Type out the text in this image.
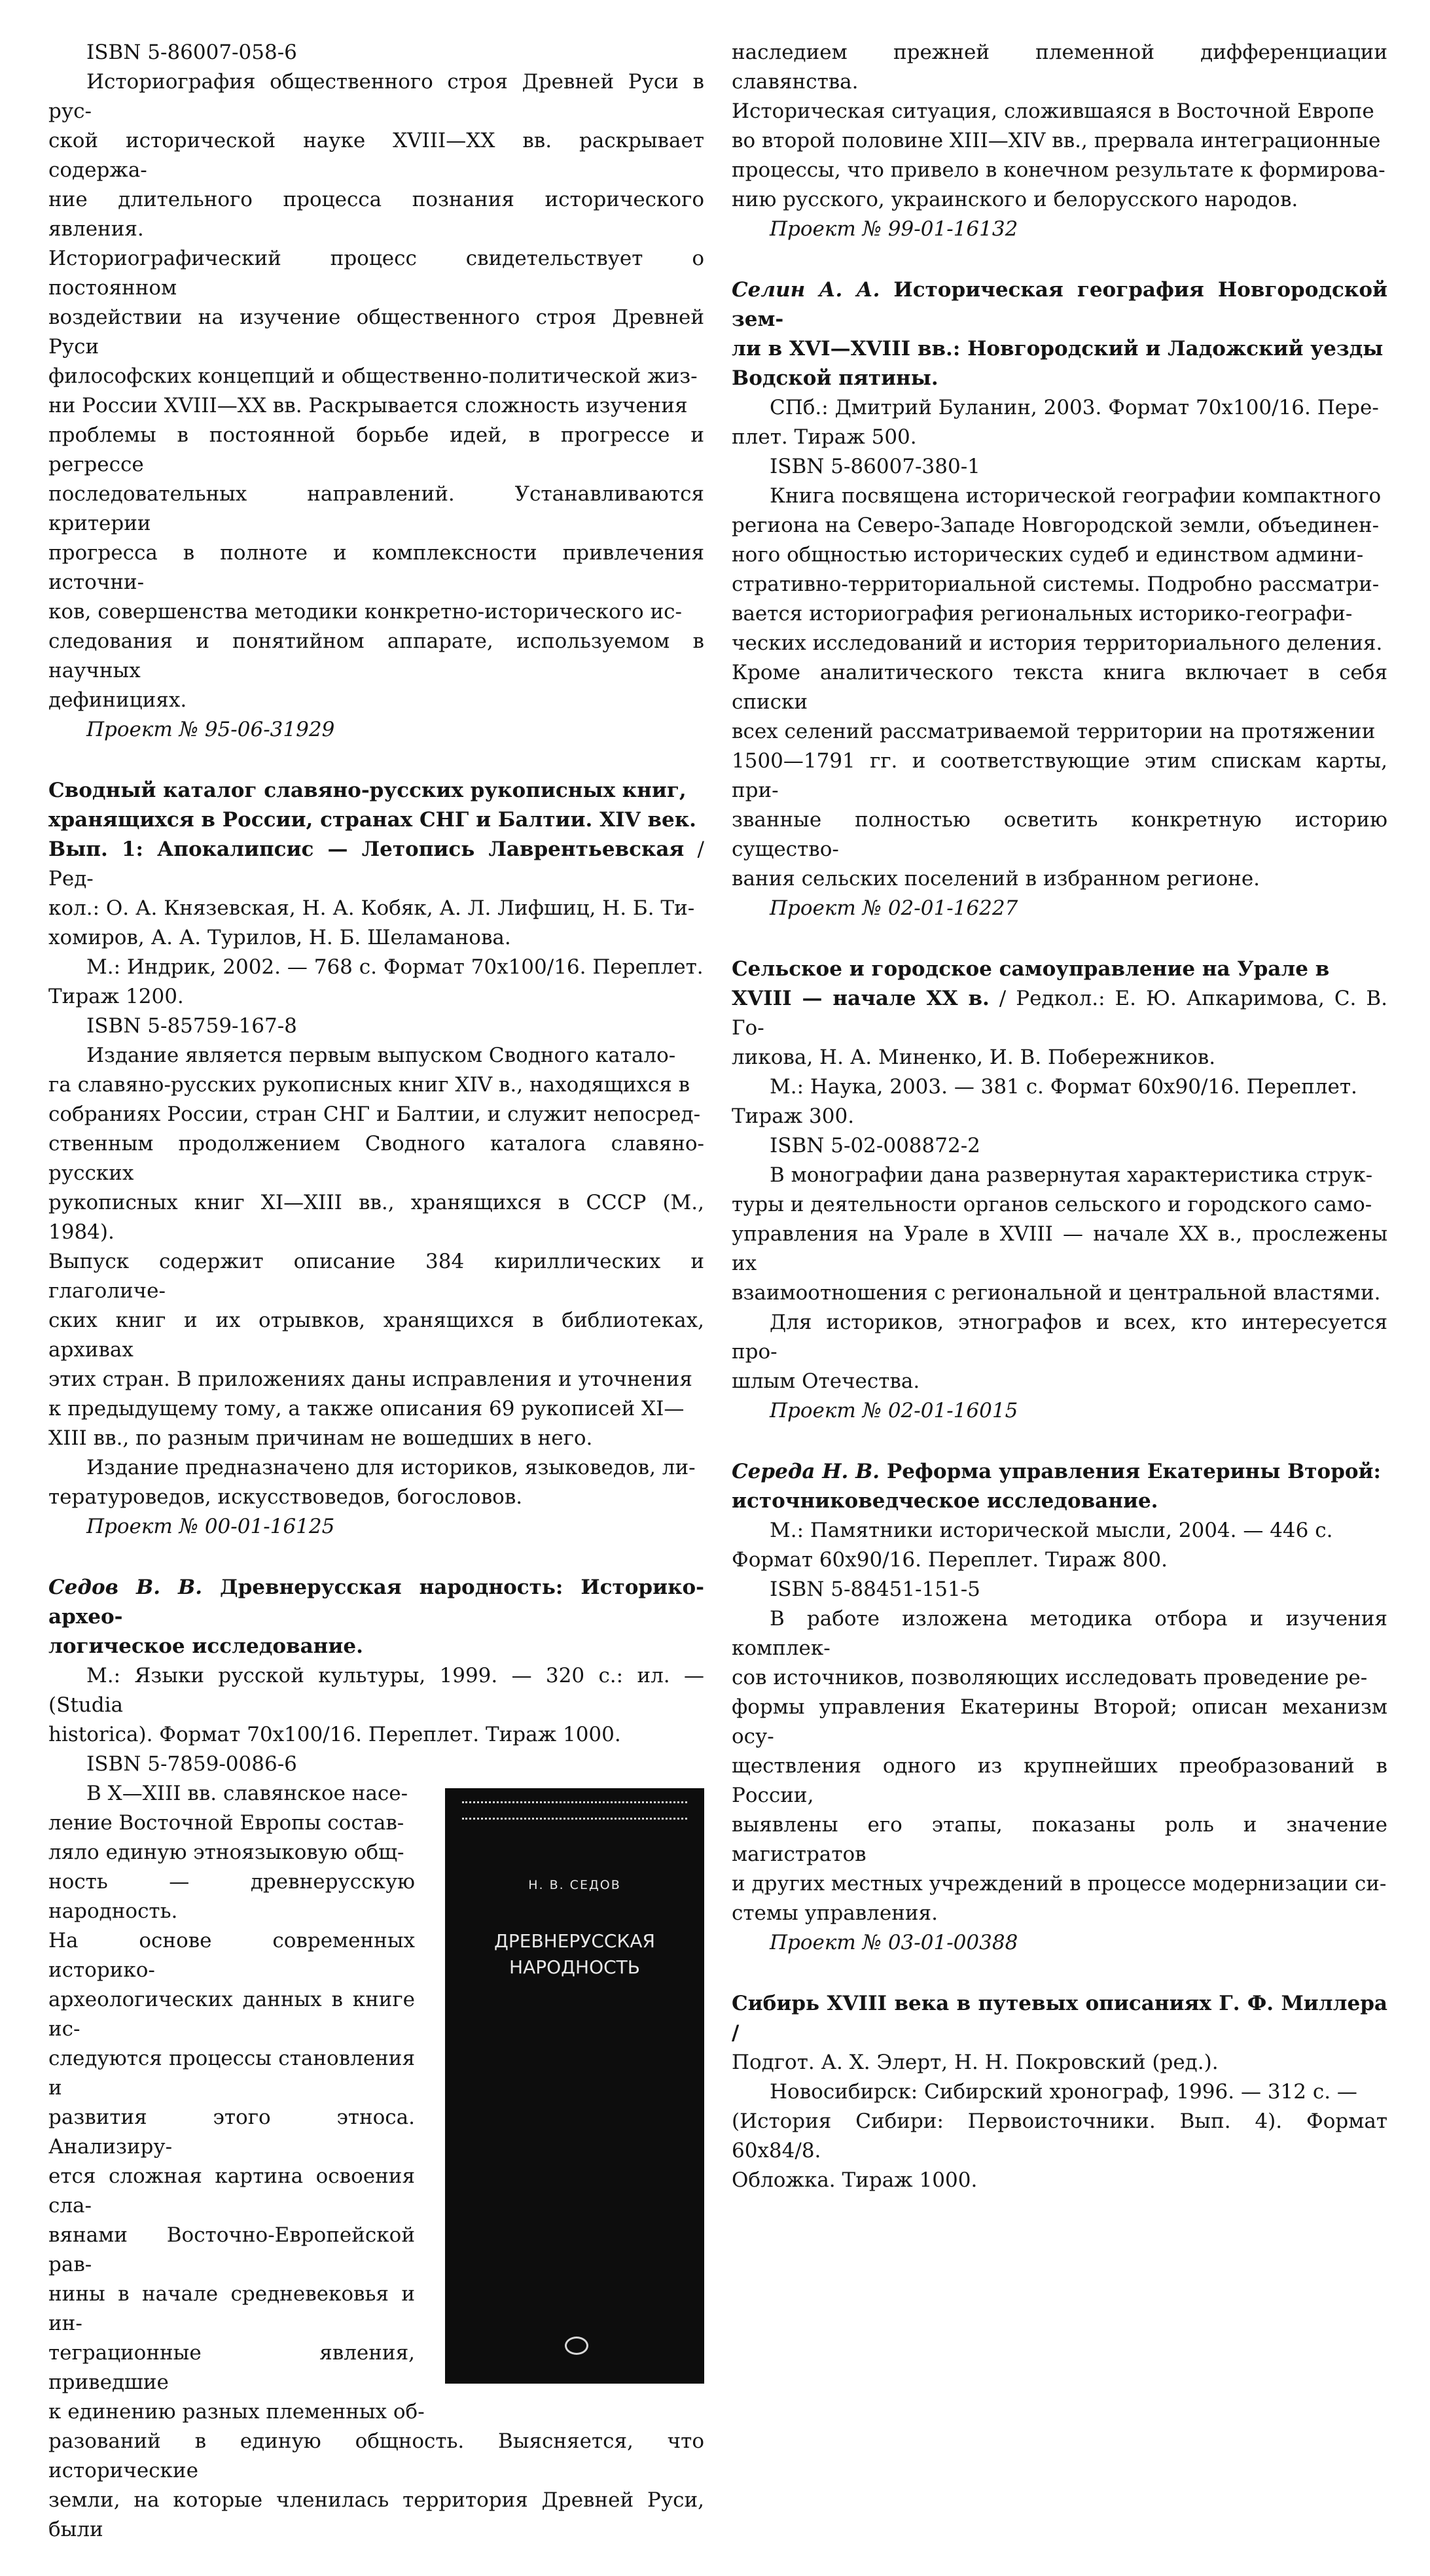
ISBN 5-86007-058-6

Историография общественного строя Древней Руси в рус-

ской исторической науке XVIII—XX вв. раскрывает содержа-

ние длительного процесса познания исторического явления.

Историографический процесс свидетельствует о постоянном

воздействии на изучение общественного строя Древней Руси

философских концепций и общественно-политической жиз-

ни России XVIII—XX вв. Раскрывается сложность изучения

проблемы в постоянной борьбе идей, в прогрессе и регрессе

последовательных направлений. Устанавливаются критерии

прогресса в полноте и комплексности привлечения источни-

ков, совершенства методики конкретно-исторического ис-

следования и понятийном аппарате, используемом в научных

дефинициях.

Проект № 95-06-31929

Сводный каталог славяно-русских рукописных книг,

хранящихся в России, странах СНГ и Балтии. XIV век.

Вып. 1: Апокалипсис — Летопись Лаврентьевская / Ред-

кол.: О. А. Князевская, Н. А. Кобяк, А. Л. Лифшиц, Н. Б. Ти-

хомиров, А. А. Турилов, Н. Б. Шеламанова.

М.: Индрик, 2002. — 768 с. Формат 70х100/16. Переплет.

Тираж 1200.

ISBN 5-85759-167-8

Издание является первым выпуском Сводного катало-

га славяно-русских рукописных книг XIV в., находящихся в

собраниях России, стран СНГ и Балтии, и служит непосред-

ственным продолжением Сводного каталога славяно-русских

рукописных книг XI—XIII вв., хранящихся в СССР (М., 1984).

Выпуск содержит описание 384 кириллических и глаголиче-

ских книг и их отрывков, хранящихся в библиотеках, архивах

этих стран. В приложениях даны исправления и уточнения

к предыдущему тому, а также описания 69 рукописей XI—

XIII вв., по разным причинам не вошедших в него.

Издание предназначено для историков, языковедов, ли-

тературоведов, искусствоведов, богословов.

Проект № 00-01-16125

Седов В. В. Древнерусская народность: Историко-архео-

логическое исследование.

М.: Языки русской культуры, 1999. — 320 с.: ил. — (Studia

historica). Формат 70х100/16. Переплет. Тираж 1000.

ISBN 5-7859-0086-6

Н. В. СЕДОВ
ДРЕВНЕРУССКАЯ
НАРОДНОСТЬ

В X—XIII вв. славянское насе-

ление Восточной Европы состав-

ляло единую этноязыковую общ-

ность — древнерусскую народность.

На основе современных историко-

археологических данных в книге ис-

следуются процессы становления и

развития этого этноса. Анализиру-

ется сложная картина освоения сла-

вянами Восточно-Европейской рав-

нины в начале средневековья и ин-

теграционные явления, приведшие

к единению разных племенных об-

разований в единую общность. Выясняется, что исторические

земли, на которые членилась территория Древней Руси, были

наследием прежней племенной дифференциации славянства.

Историческая ситуация, сложившаяся в Восточной Европе

во второй половине XIII—XIV вв., прервала интеграционные

процессы, что привело в конечном результате к формирова-

нию русского, украинского и белорусского народов.

Проект № 99-01-16132

Селин А. А. Историческая география Новгородской зем-

ли в XVI—XVIII вв.: Новгородский и Ладожский уезды

Водской пятины.

СПб.: Дмитрий Буланин, 2003. Формат 70х100/16. Пере-

плет. Тираж 500.

ISBN 5-86007-380-1

Книга посвящена исторической географии компактного

региона на Северо-Западе Новгородской земли, объединен-

ного общностью исторических судеб и единством админи-

стративно-территориальной системы. Подробно рассматри-

вается историография региональных историко-географи-

ческих исследований и история территориального деления.

Кроме аналитического текста книга включает в себя списки

всех селений рассматриваемой территории на протяжении

1500—1791 гг. и соответствующие этим спискам карты, при-

званные полностью осветить конкретную историю существо-

вания сельских поселений в избранном регионе.

Проект № 02-01-16227

Сельское и городское самоуправление на Урале в

XVIII — начале XX в. / Редкол.: Е. Ю. Апкаримова, С. В. Го-

ликова, Н. А. Миненко, И. В. Побережников.

М.: Наука, 2003. — 381 с. Формат 60х90/16. Переплет.

Тираж 300.

ISBN 5-02-008872-2

В монографии дана развернутая характеристика струк-

туры и деятельности органов сельского и городского само-

управления на Урале в XVIII — начале XX в., прослежены их

взаимоотношения с региональной и центральной властями.

Для историков, этнографов и всех, кто интересуется про-

шлым Отечества.

Проект № 02-01-16015

Середа Н. В. Реформа управления Екатерины Второй:

источниковедческое исследование.

М.: Памятники исторической мысли, 2004. — 446 с.

Формат 60х90/16. Переплет. Тираж 800.

ISBN 5-88451-151-5

В работе изложена методика отбора и изучения комплек-

сов источников, позволяющих исследовать проведение ре-

формы управления Екатерины Второй; описан механизм осу-

ществления одного из крупнейших преобразований в России,

выявлены его этапы, показаны роль и значение магистратов

и других местных учреждений в процессе модернизации си-

стемы управления.

Проект № 03-01-00388

Сибирь XVIII века в путевых описаниях Г. Ф. Миллера /

Подгот. А. Х. Элерт, Н. Н. Покровский (ред.).

Новосибирск: Сибирский хронограф, 1996. — 312 с. —

(История Сибири: Первоисточники. Вып. 4). Формат 60х84/8.

Обложка. Тираж 1000.
